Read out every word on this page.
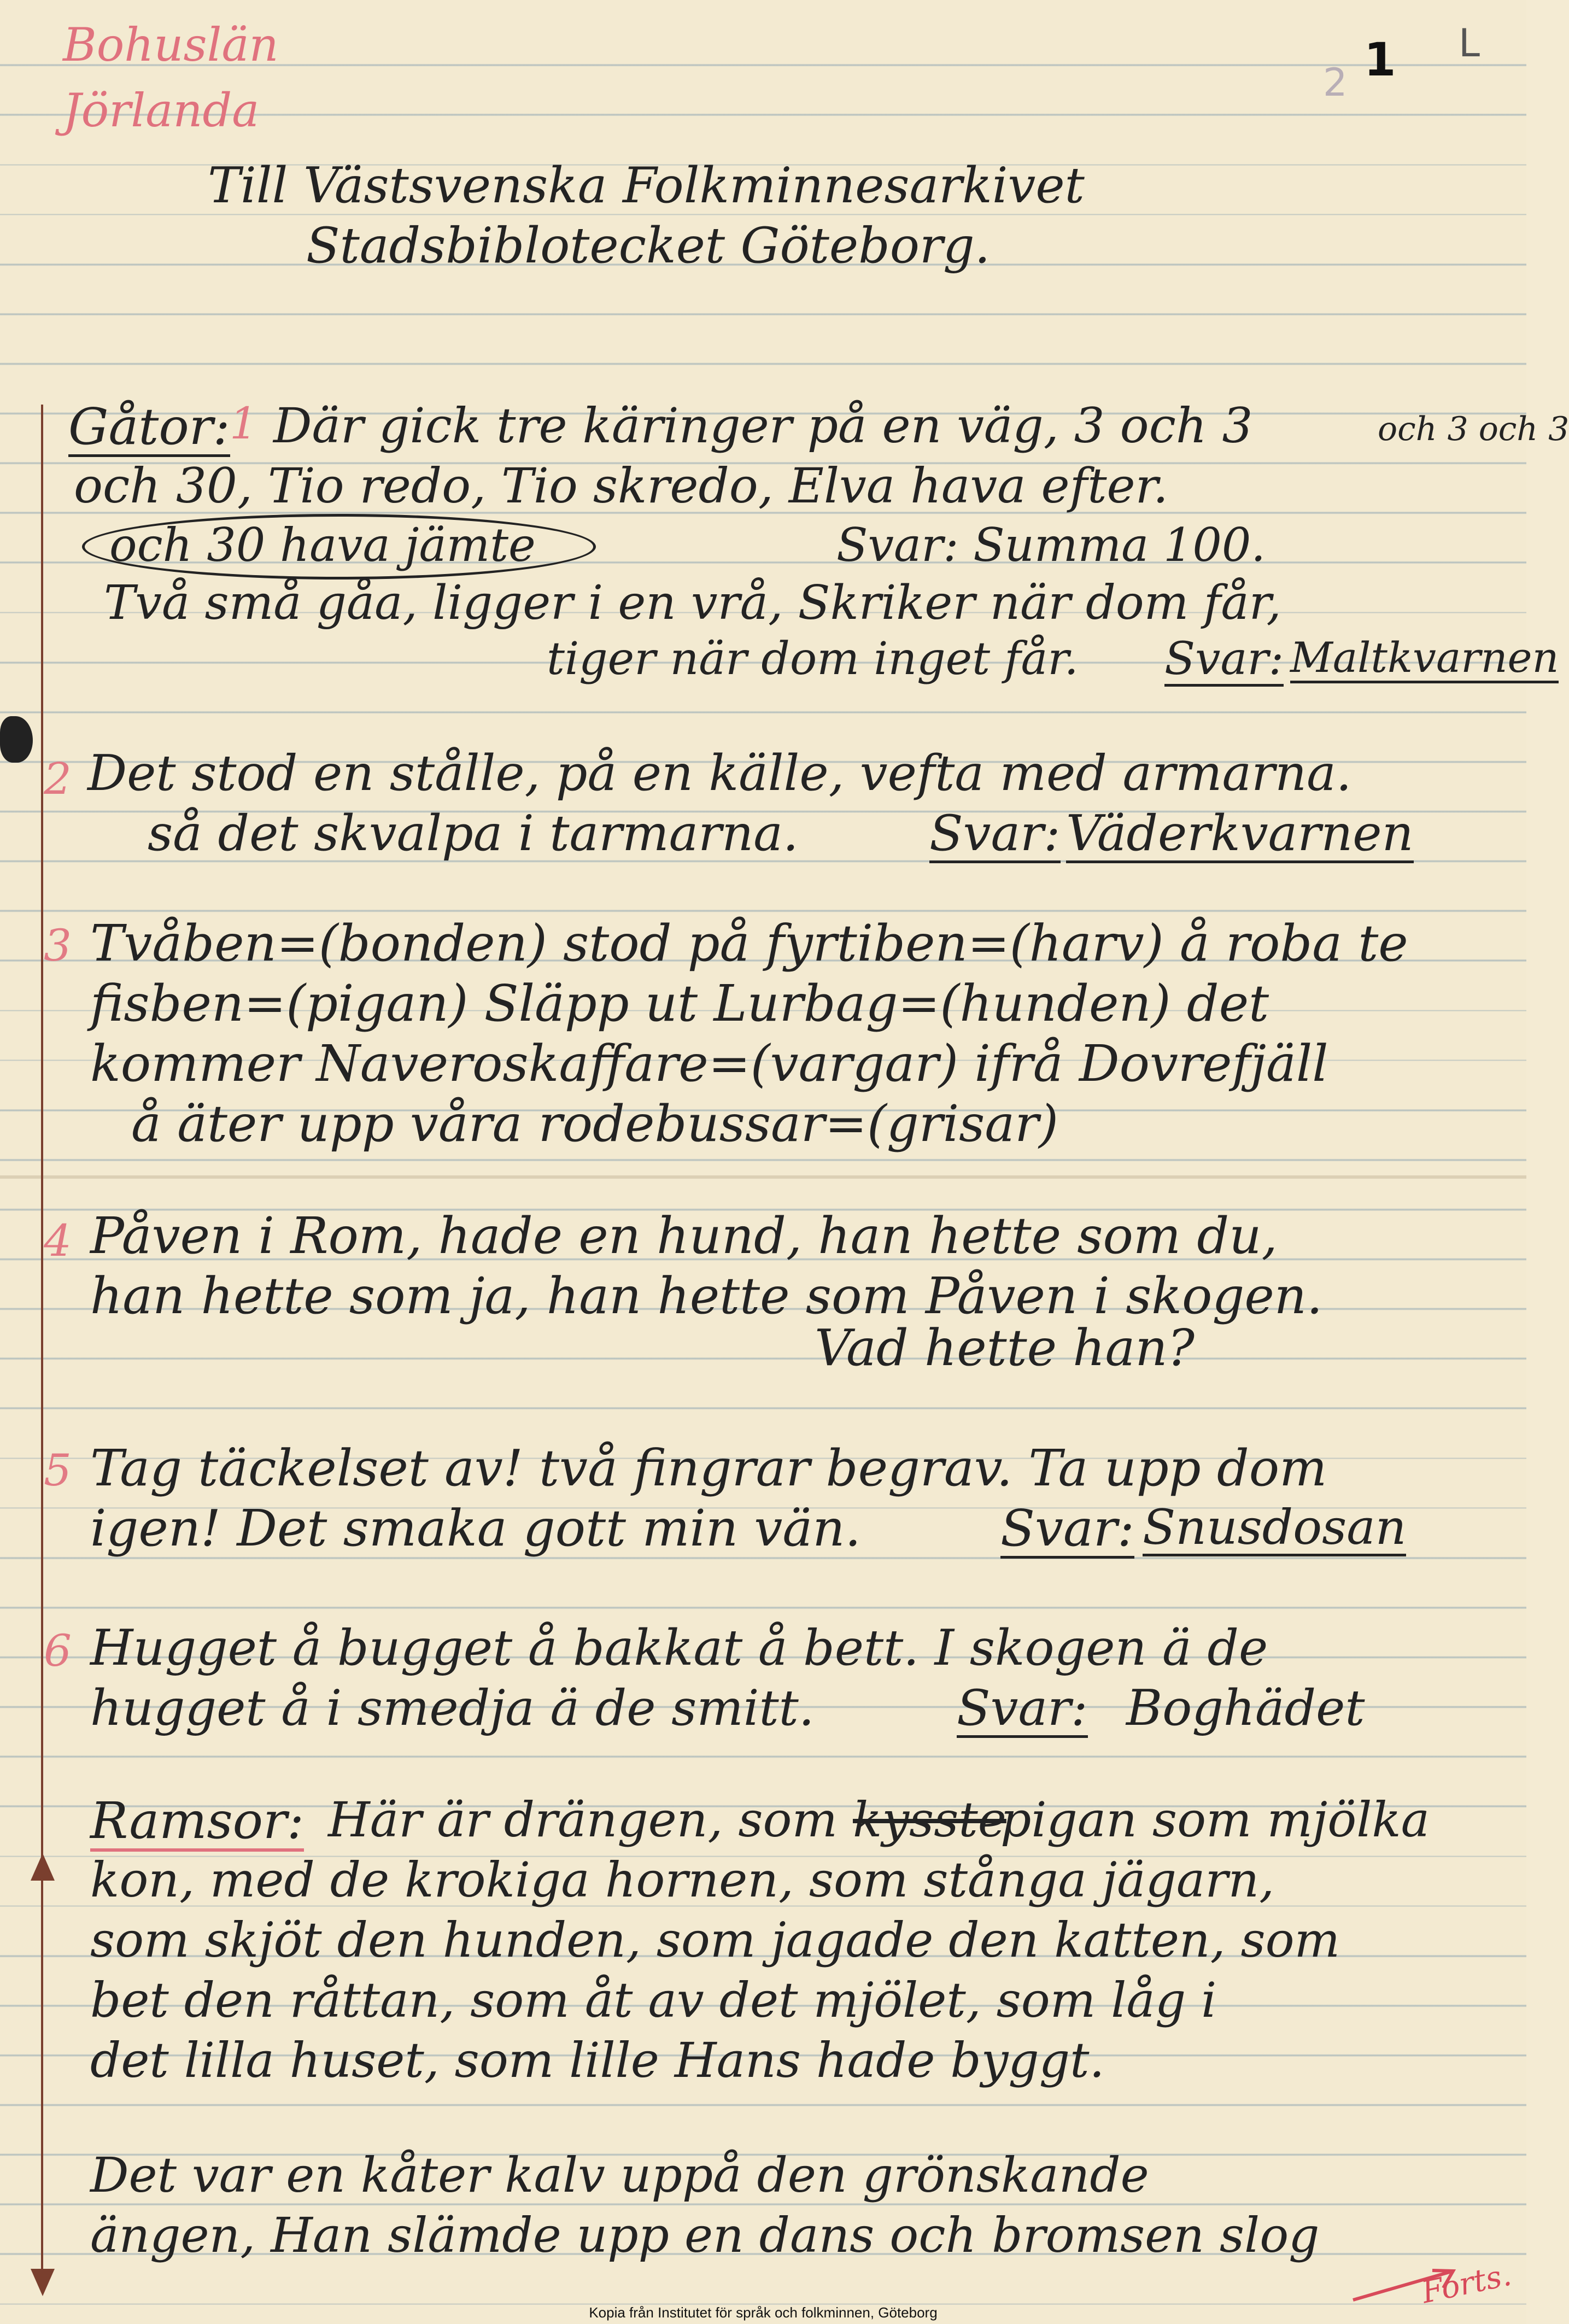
1 L
2
Bohuslän
Jörlanda
Till Västsvenska Folkminnesarkivet
Stadsbiblotecket Göteborg.
Gåtor: 1 Där gick tre käringer på en väg, 3 och 3	och 3 och 3
och 30, Tio redo, Tio skredo, Elva hava efter.
och 30 hava jämte	Svar: Summa 100.
Två små gåa, ligger i en vrå, Skriker när dom får,
tiger när dom inget får. Svar: Maltkvarnen
2 Det stod en stålle, på en källe, vefta med armarna.
så det skvalpa i tarmarna.	Svar: Väderkvarnen
3 Tvåben=(bonden) stod på fyrtiben=(harv) å roba te
fisben=(pigan) Släpp ut Lurbag=(hunden) det
kommer Naveroskaffare=(vargar) ifrå Dovrefjäll
å äter upp våra rodebussar=(grisar)
4 Påven i Rom, hade en hund, han hette som du,
han hette som ja, han hette som Påven i skogen.
Vad hette han?
5 Tag täckelset av! två fingrar begrav. Ta upp dom
igen! Det smaka gott min vän.	Svar: Snusdosan
6 Hugget å bugget å bakkat å bett. I skogen ä de
hugget å i smedja ä de smitt.	Svar: Boghädet
Ramsor: Här är drängen, som kysste
pigan som mjölka
kon, med de krokiga hornen, som stånga jägarn,
som skjöt den hunden, som jagade den katten, som
bet den råttan, som åt av det mjölet, som låg i
det lilla huset, som lille Hans hade byggt.
Det var en kåter kalv uppå den grönskande
ängen, Han slämde upp en dans och bromsen slog
Forts.
Kopia från Institutet för språk och folkminnen, Göteborg
